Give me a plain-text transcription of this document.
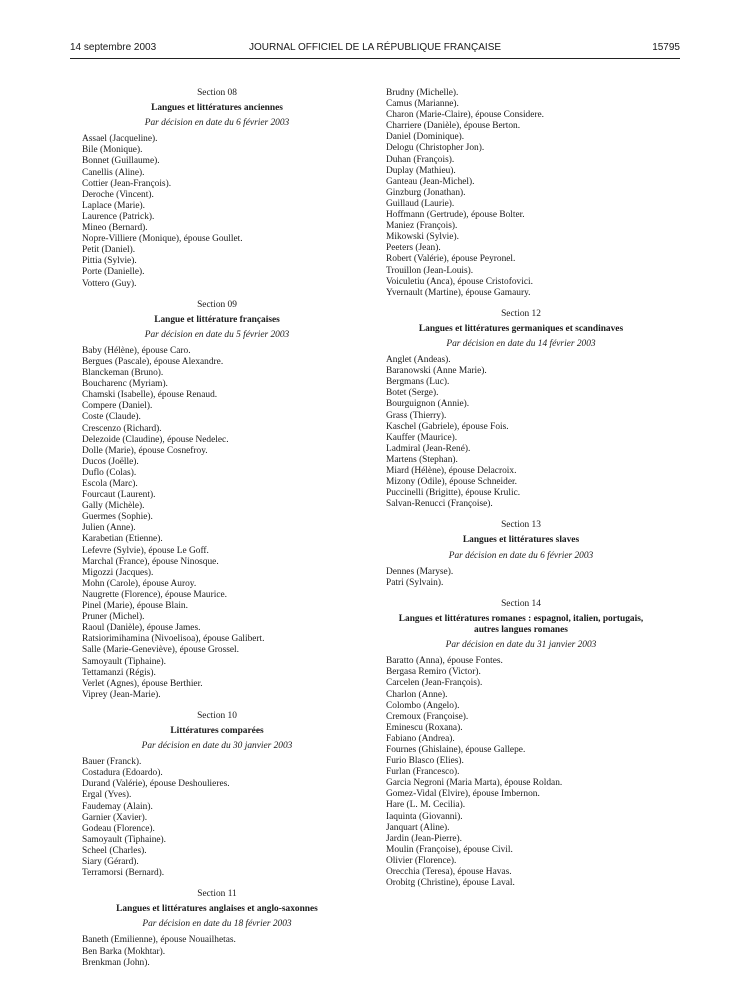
14 septembre 2003	JOURNAL OFFICIEL DE LA RÉPUBLIQUE FRANÇAISE	15795
Section 08
Langues et littératures anciennes
Par décision en date du 6 février 2003
Assael (Jacqueline).
Bile (Monique).
Bonnet (Guillaume).
Canellis (Aline).
Cottier (Jean-François).
Deroche (Vincent).
Laplace (Marie).
Laurence (Patrick).
Mineo (Bernard).
Nopre-Villiere (Monique), épouse Goullet.
Petit (Daniel).
Pittia (Sylvie).
Porte (Danielle).
Vottero (Guy).
Section 09
Langue et littérature françaises
Par décision en date du 5 février 2003
Baby (Hélène), épouse Caro.
Bergues (Pascale), épouse Alexandre.
Blanckeman (Bruno).
Boucharenc (Myriam).
Chamski (Isabelle), épouse Renaud.
Compere (Daniel).
Coste (Claude).
Crescenzo (Richard).
Delezoide (Claudine), épouse Nedelec.
Dolle (Marie), épouse Cosnefroy.
Ducos (Joëlle).
Duflo (Colas).
Escola (Marc).
Fourcaut (Laurent).
Gally (Michèle).
Guermes (Sophie).
Julien (Anne).
Karabetian (Etienne).
Lefevre (Sylvie), épouse Le Goff.
Marchal (France), épouse Ninosque.
Migozzi (Jacques).
Mohn (Carole), épouse Auroy.
Naugrette (Florence), épouse Maurice.
Pinel (Marie), épouse Blain.
Pruner (Michel).
Raoul (Danièle), épouse James.
Ratsiorimihamina (Nivoelisoa), épouse Galibert.
Salle (Marie-Geneviève), épouse Grossel.
Samoyault (Tiphaine).
Tettamanzi (Régis).
Verlet (Agnes), épouse Berthier.
Viprey (Jean-Marie).
Section 10
Littératures comparées
Par décision en date du 30 janvier 2003
Bauer (Franck).
Costadura (Edoardo).
Durand (Valérie), épouse Deshoulieres.
Ergal (Yves).
Faudemay (Alain).
Garnier (Xavier).
Godeau (Florence).
Samoyault (Tiphaine).
Scheel (Charles).
Siary (Gérard).
Terramorsi (Bernard).
Section 11
Langues et littératures anglaises et anglo-saxonnes
Par décision en date du 18 février 2003
Baneth (Emilienne), épouse Nouailhetas.
Ben Barka (Mokhtar).
Brenkman (John).
Brudny (Michelle).
Camus (Marianne).
Charon (Marie-Claire), épouse Considere.
Charriere (Danièle), épouse Berton.
Daniel (Dominique).
Delogu (Christopher Jon).
Duhan (François).
Duplay (Mathieu).
Ganteau (Jean-Michel).
Ginzburg (Jonathan).
Guillaud (Laurie).
Hoffmann (Gertrude), épouse Bolter.
Maniez (François).
Mikowski (Sylvie).
Peeters (Jean).
Robert (Valérie), épouse Peyronel.
Trouillon (Jean-Louis).
Voiculetiu (Anca), épouse Cristofovici.
Yvernault (Martine), épouse Gamaury.
Section 12
Langues et littératures germaniques et scandinaves
Par décision en date du 14 février 2003
Anglet (Andeas).
Baranowski (Anne Marie).
Bergmans (Luc).
Botet (Serge).
Bourguignon (Annie).
Grass (Thierry).
Kaschel (Gabriele), épouse Fois.
Kauffer (Maurice).
Ladmiral (Jean-René).
Martens (Stephan).
Miard (Hélène), épouse Delacroix.
Mizony (Odile), épouse Schneider.
Puccinelli (Brigitte), épouse Krulic.
Salvan-Renucci (Françoise).
Section 13
Langues et littératures slaves
Par décision en date du 6 février 2003
Dennes (Maryse).
Patri (Sylvain).
Section 14
Langues et littératures romanes : espagnol, italien, portugais, autres langues romanes
Par décision en date du 31 janvier 2003
Baratto (Anna), épouse Fontes.
Bergasa Remiro (Victor).
Carcelen (Jean-François).
Charlon (Anne).
Colombo (Angelo).
Cremoux (Françoise).
Eminescu (Roxana).
Fabiano (Andrea).
Fournes (Ghislaine), épouse Gallepe.
Furio Blasco (Elies).
Furlan (Francesco).
Garcia Negroni (Maria Marta), épouse Roldan.
Gomez-Vidal (Elvire), épouse Imbernon.
Hare (L. M. Cecilia).
Iaquinta (Giovanni).
Janquart (Aline).
Jardin (Jean-Pierre).
Moulin (Françoise), épouse Civil.
Olivier (Florence).
Orecchia (Teresa), épouse Havas.
Orobitg (Christine), épouse Laval.
